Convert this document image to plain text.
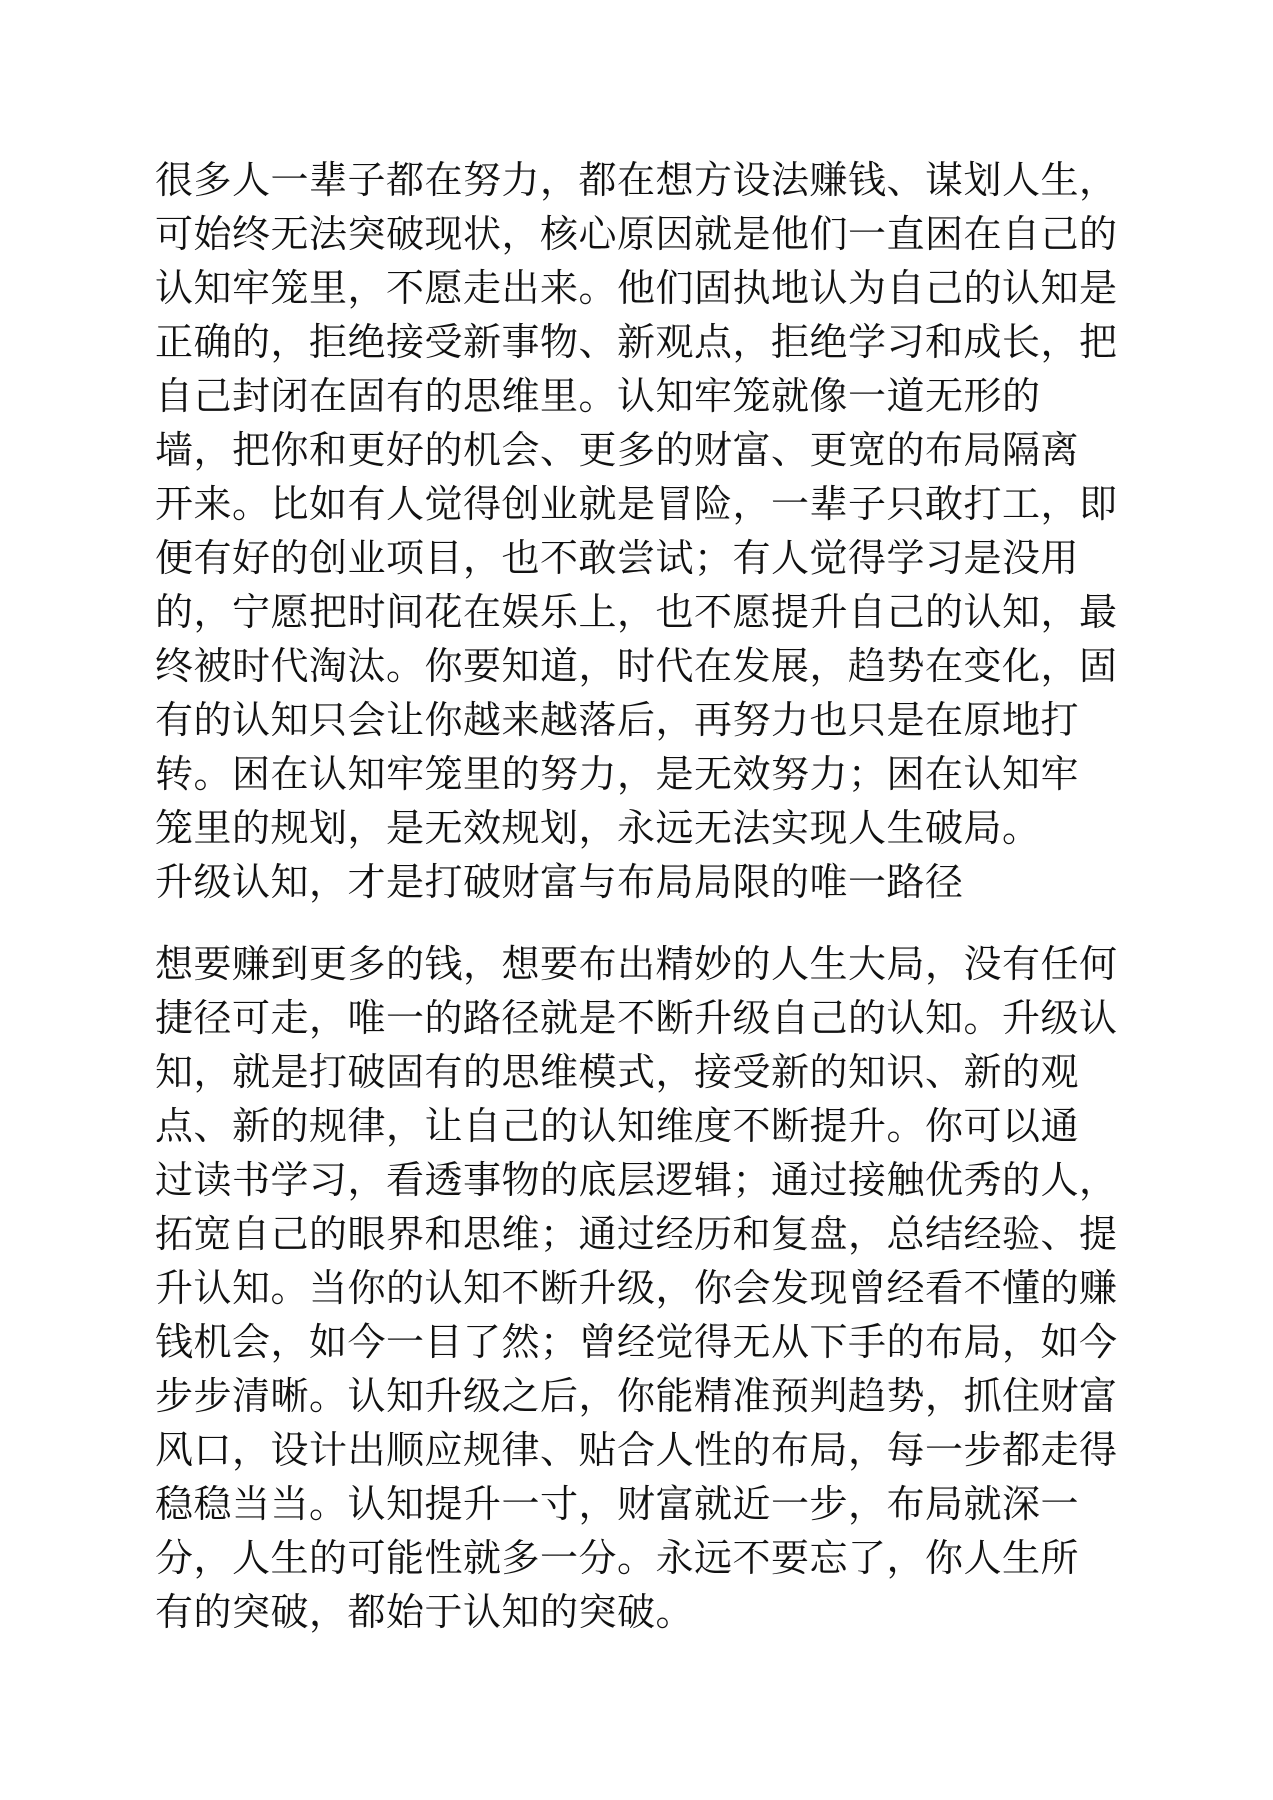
很多人一辈子都在努力，都在想方设法赚钱、谋划人生，
可始终无法突破现状，核心原因就是他们一直困在自己的
认知牢笼里，不愿走出来。他们固执地认为自己的认知是
正确的，拒绝接受新事物、新观点，拒绝学习和成长，把
自己封闭在固有的思维里。认知牢笼就像一道无形的
墙，把你和更好的机会、更多的财富、更宽的布局隔离
开来。比如有人觉得创业就是冒险，一辈子只敢打工，即
便有好的创业项目，也不敢尝试；有人觉得学习是没用
的，宁愿把时间花在娱乐上，也不愿提升自己的认知，最
终被时代淘汰。你要知道，时代在发展，趋势在变化，固
有的认知只会让你越来越落后，再努力也只是在原地打
转。困在认知牢笼里的努力，是无效努力；困在认知牢
笼里的规划，是无效规划，永远无法实现人生破局。
升级认知，才是打破财富与布局局限的唯一路径
想要赚到更多的钱，想要布出精妙的人生大局，没有任何
捷径可走，唯一的路径就是不断升级自己的认知。升级认
知，就是打破固有的思维模式，接受新的知识、新的观
点、新的规律，让自己的认知维度不断提升。你可以通
过读书学习，看透事物的底层逻辑；通过接触优秀的人，
拓宽自己的眼界和思维；通过经历和复盘，总结经验、提
升认知。当你的认知不断升级，你会发现曾经看不懂的赚
钱机会，如今一目了然；曾经觉得无从下手的布局，如今
步步清晰。认知升级之后，你能精准预判趋势，抓住财富
风口，设计出顺应规律、贴合人性的布局，每一步都走得
稳稳当当。认知提升一寸，财富就近一步，布局就深一
分，人生的可能性就多一分。永远不要忘了，你人生所
有的突破，都始于认知的突破。
